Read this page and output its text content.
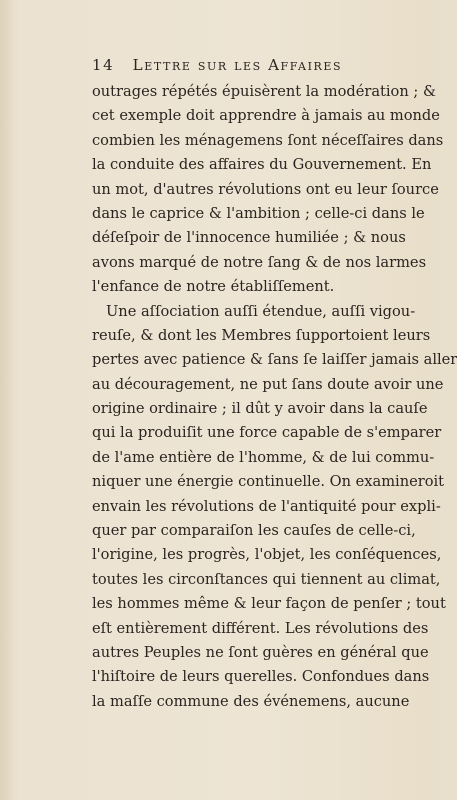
14 Lettre sur les Affaires
outrages répétés épuisèrent la modération ; &
cet exemple doit apprendre à jamais au monde
combien les ménagemens ſont néceſſaires dans
la conduite des affaires du Gouvernement. En
un mot, d'autres révolutions ont eu leur ſource
dans le caprice & l'ambition ; celle-ci dans le
déſeſpoir de l'innocence humiliée ; & nous
avons marqué de notre ſang & de nos larmes
l'enfance de notre établiſſement.
Une aſſociation auſſi étendue, auſſi vigou-
reuſe, & dont les Membres ſupportoient leurs
pertes avec patience & ſans ſe laiſſer jamais aller
au découragement, ne put ſans doute avoir une
origine ordinaire ; il dût y avoir dans la cauſe
qui la produiſit une force capable de s'emparer
de l'ame entière de l'homme, & de lui commu-
niquer une énergie continuelle. On examineroit
envain les révolutions de l'antiquité pour expli-
quer par comparaiſon les cauſes de celle-ci,
l'origine, les progrès, l'objet, les conſéquences,
toutes les circonſtances qui tiennent au climat,
les hommes même & leur façon de penſer ; tout
eſt entièrement différent. Les révolutions des
autres Peuples ne ſont guères en général que
l'hiſtoire de leurs querelles. Confondues dans
la maſſe commune des événemens, aucune
